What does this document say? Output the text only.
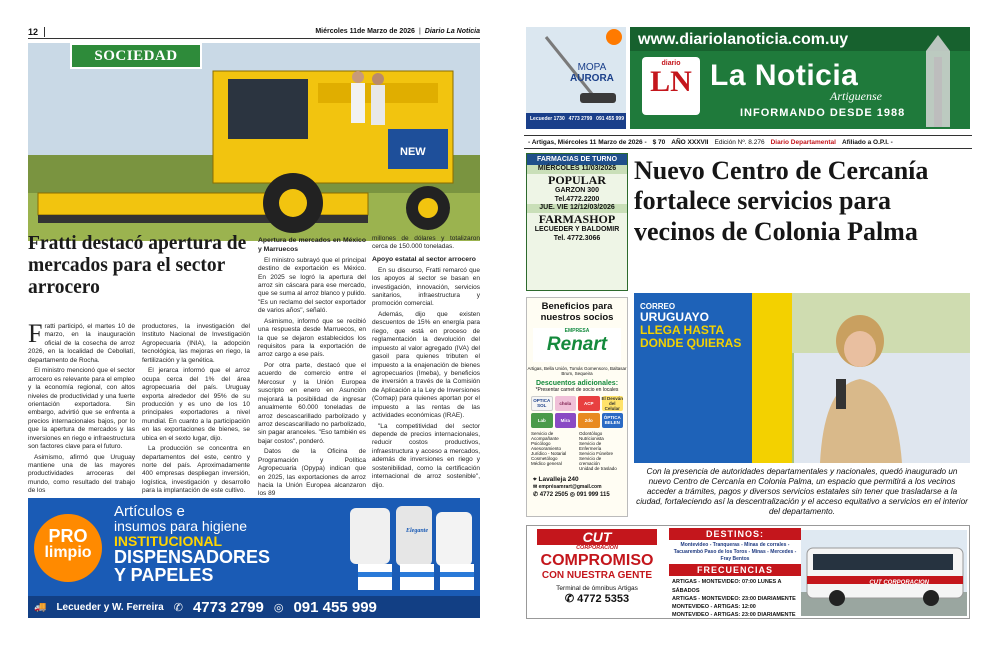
12	Miércoles 11de Marzo de 2026 | Diario La Noticia
NEW
SOCIEDAD
Fratti destacó apertura de mercados para el sector arrocero

Fratti participó, el martes 10 de marzo, en la inauguración oficial de la cosecha de arroz 2026, en la localidad de Cebollatí, departamento de Rocha.

El ministro mencionó que el sector arrocero es relevante para el empleo y la economía regional, con altos niveles de productividad y una fuerte orientación exportadora. Sin embargo, advirtió que se enfrenta a precios internacionales bajos, por lo que la apertura de mercados y las inversiones en riego e infraestructura son factores clave para el futuro.

Asimismo, afirmó que Uruguay mantiene una de las mayores productividades arroceras del mundo, como resultado del trabajo de los

productores, la investigación del Instituto Nacional de Investigación Agropecuaria (INIA), la adopción tecnológica, las mejoras en riego, la fertilización y la genética.

El jerarca informó que el arroz ocupa cerca del 1% del área agropecuaria del país. Uruguay exporta alrededor del 95% de su producción y es uno de los 10 principales exportadores a nivel mundial. En cuanto a la participación en las exportaciones de bienes, se ubica en el sexto lugar, dijo.

La producción se concentra en departamentos del este, centro y norte del país. Aproximadamente 400 empresas despliegan inversión, logística, investigación y desarrollo para la implantación de este cultivo.

Apertura de mercados en México y Marruecos

El ministro subrayó que el principal destino de exportación es México. En 2025 se logró la apertura del arroz sin cáscara para ese mercado, que se suma al arroz blanco y pulido. "Es un reclamo del sector exportador de varios años", señaló.

Asimismo, informó que se recibió una respuesta desde Marruecos, en la que se dejaron establecidos los requisitos para la exportación de arroz cargo a ese país.

Por otra parte, destacó que el acuerdo de comercio entre el Mercosur y la Unión Europea suscripto en enero en Asunción mejorará la posibilidad de ingresar anualmente 60.000 toneladas de arroz descascarillado parbolizado y arroz descascarillado no parbolizado, sin pagar aranceles. "Eso también es bajar costos", ponderó.

Datos de la Oficina de Programación y Política Agropecuaria (Opypa) indican que en 2025, las exportaciones de arroz hacia la Unión Europea alcanzaron los 89

millones de dólares y totalizaron cerca de 150.000 toneladas.

Apoyo estatal al sector arrocero

En su discurso, Fratti remarcó que los apoyos al sector se basan en investigación, innovación, servicios sanitarios, infraestructura y promoción comercial.

Además, dijo que existen descuentos de 15% en energía para riego, que está en proceso de reglamentación la devolución del impuesto al valor agregado (IVA) del gasoil para quienes tributen el impuesto a la enajenación de bienes agropecuarios (Imeba), y beneficios de inversión a través de la Comisión de Aplicación a la Ley de Inversiones (Comap) para quienes aportan por el impuesto a las rentas de las actividades económicas (IRAE).

"La competitividad del sector depende de precios internacionales, reducir costos productivos, infraestructura y acceso a mercados, además de inversiones en riego y sostenibilidad, como la certificación internacional de arroz sostenible", dijo.

PRO
limpio
Artículos e
insumos para higiene
INSTITUCIONAL
DISPENSADORES
Y PAPELES
🚚 Lecueder y W. Ferreira ✆ 4773 2799 ◎ 091 455 999
Elegante
MOPA
AURORA
Lecueder 1730 4773 2799 091 455 999
www.diariolanoticia.com.uy
diario
LN La Noticia
Artiguense
INFORMANDO DESDE 1988
- Artigas, Miércoles 11 Marzo de 2026 - $ 70 AÑO XXXVII Edición Nº. 8.276 Diario Departamental Afiliado a O.P.I. -
FARMACIAS DE TURNO
MIÉRCOLES 11/03/2026
POPULAR
GARZON 300
Tel.4772.2200
JUE. VIE 12/12/03/2026
FARMASHOP
LECUEDER Y BALDOMIR
Tel. 4772.3066
Nuevo Centro de Cercanía fortalece servicios para vecinos de Colonia Palma
Beneficios para nuestros socios
EMPRESA
Renart
Artigas, Bella Unión, Tomás Gomensoro, Baltasar Brum, Sequeira
Descuentos adicionales:
*Presentar carnet de socio en locales
OPTICA SOL	chola	ACP
El Desván del Celular
Lab	Mira	2do	ÓPTICA BELEN
Servicio de Acompañante
Psicólogo
Asesoramiento Jurídico - Notarial
Cosmetólogo
Médico general
Odontólogo
Nutricionista
Servicio de Enfermería
Servicio Fúnebre
Servicio de cremación
Unidad de traslado
⌖ Lavalleja 240
✉ emprésamrart@gmail.com
✆ 4772 2505 ◎ 091 999 115
CORREO
URUGUAYO
LLEGA HASTA
DONDE QUIERAS
Con la presencia de autoridades departamentales y nacionales, quedó inaugurado un nuevo Centro de Cercanía en Colonia Palma, un espacio que permitirá a los vecinos acceder a trámites, pagos y diversos servicios estatales sin tener que trasladarse a la ciudad, fortaleciendo así la descentralización y el acceso equitativo a servicios en el interior del departamento.
CUT
CORPORACION
COMPROMISO
CON NUESTRA GENTE
Terminal de ómnibus Artigas
✆ 4772 5353
DESTINOS:
Montevideo - Tranqueras - Minas de corrales - Tacuarembó Paso de los Toros - Minas - Mercedes - Fray Bentos
FRECUENCIAS
ARTIGAS - MONTEVIDEO: 07:00 LUNES A SÁBADOS
ARTIGAS - MONTEVIDEO: 23:00 DIARIAMENTE
MONTEVIDEO - ARTIGAS: 12:00
MONTEVIDEO - ARTIGAS: 23:00 DIARIAMENTE
CUT CORPORACION
